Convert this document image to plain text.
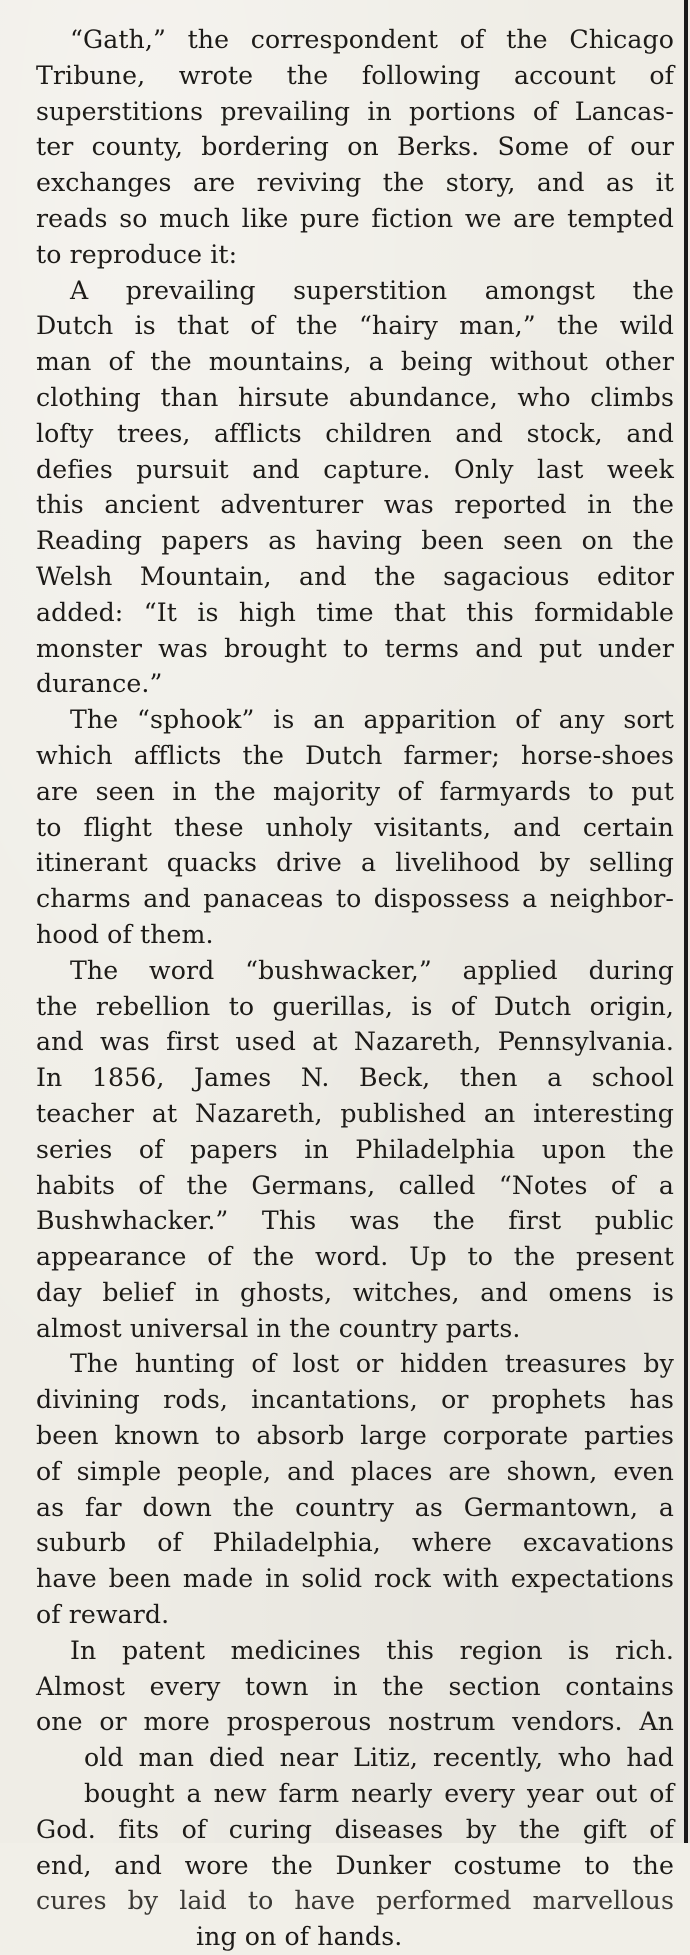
“Gath,” the correspondent of the Chicago
Tribune, wrote the following account of
superstitions prevailing in portions of Lancas-
ter county, bordering on Berks. Some of our
exchanges are reviving the story, and as it
reads so much like pure fiction we are tempted
to reproduce it:
A prevailing superstition amongst the
Dutch is that of the “hairy man,” the wild
man of the mountains, a being without other
clothing than hirsute abundance, who climbs
lofty trees, afflicts children and stock, and
defies pursuit and capture. Only last week
this ancient adventurer was reported in the
Reading papers as having been seen on the
Welsh Mountain, and the sagacious editor
added: “It is high time that this formidable
monster was brought to terms and put under
durance.”
The “sphook” is an apparition of any sort
which afflicts the Dutch farmer; horse-shoes
are seen in the majority of farmyards to put
to flight these unholy visitants, and certain
itinerant quacks drive a livelihood by selling
charms and panaceas to dispossess a neighbor-
hood of them.
The word “bushwacker,” applied during
the rebellion to guerillas, is of Dutch origin,
and was first used at Nazareth, Pennsylvania.
In 1856, James N. Beck, then a school
teacher at Nazareth, published an interesting
series of papers in Philadelphia upon the
habits of the Germans, called “Notes of a
Bushwhacker.” This was the first public
appearance of the word. Up to the present
day belief in ghosts, witches, and omens is
almost universal in the country parts.
The hunting of lost or hidden treasures by
divining rods, incantations, or prophets has
been known to absorb large corporate parties
of simple people, and places are shown, even
as far down the country as Germantown, a
suburb of Philadelphia, where excavations
have been made in solid rock with expectations
of reward.
In patent medicines this region is rich.
Almost every town in the section contains
one or more prosperous nostrum vendors. An
old man died near Litiz, recently, who had
bought a new farm nearly every year out of
God. fits of curing diseases by the gift of
end, and wore the Dunker costume to the
cures by laid to have performed marvellous
ing on of hands.
